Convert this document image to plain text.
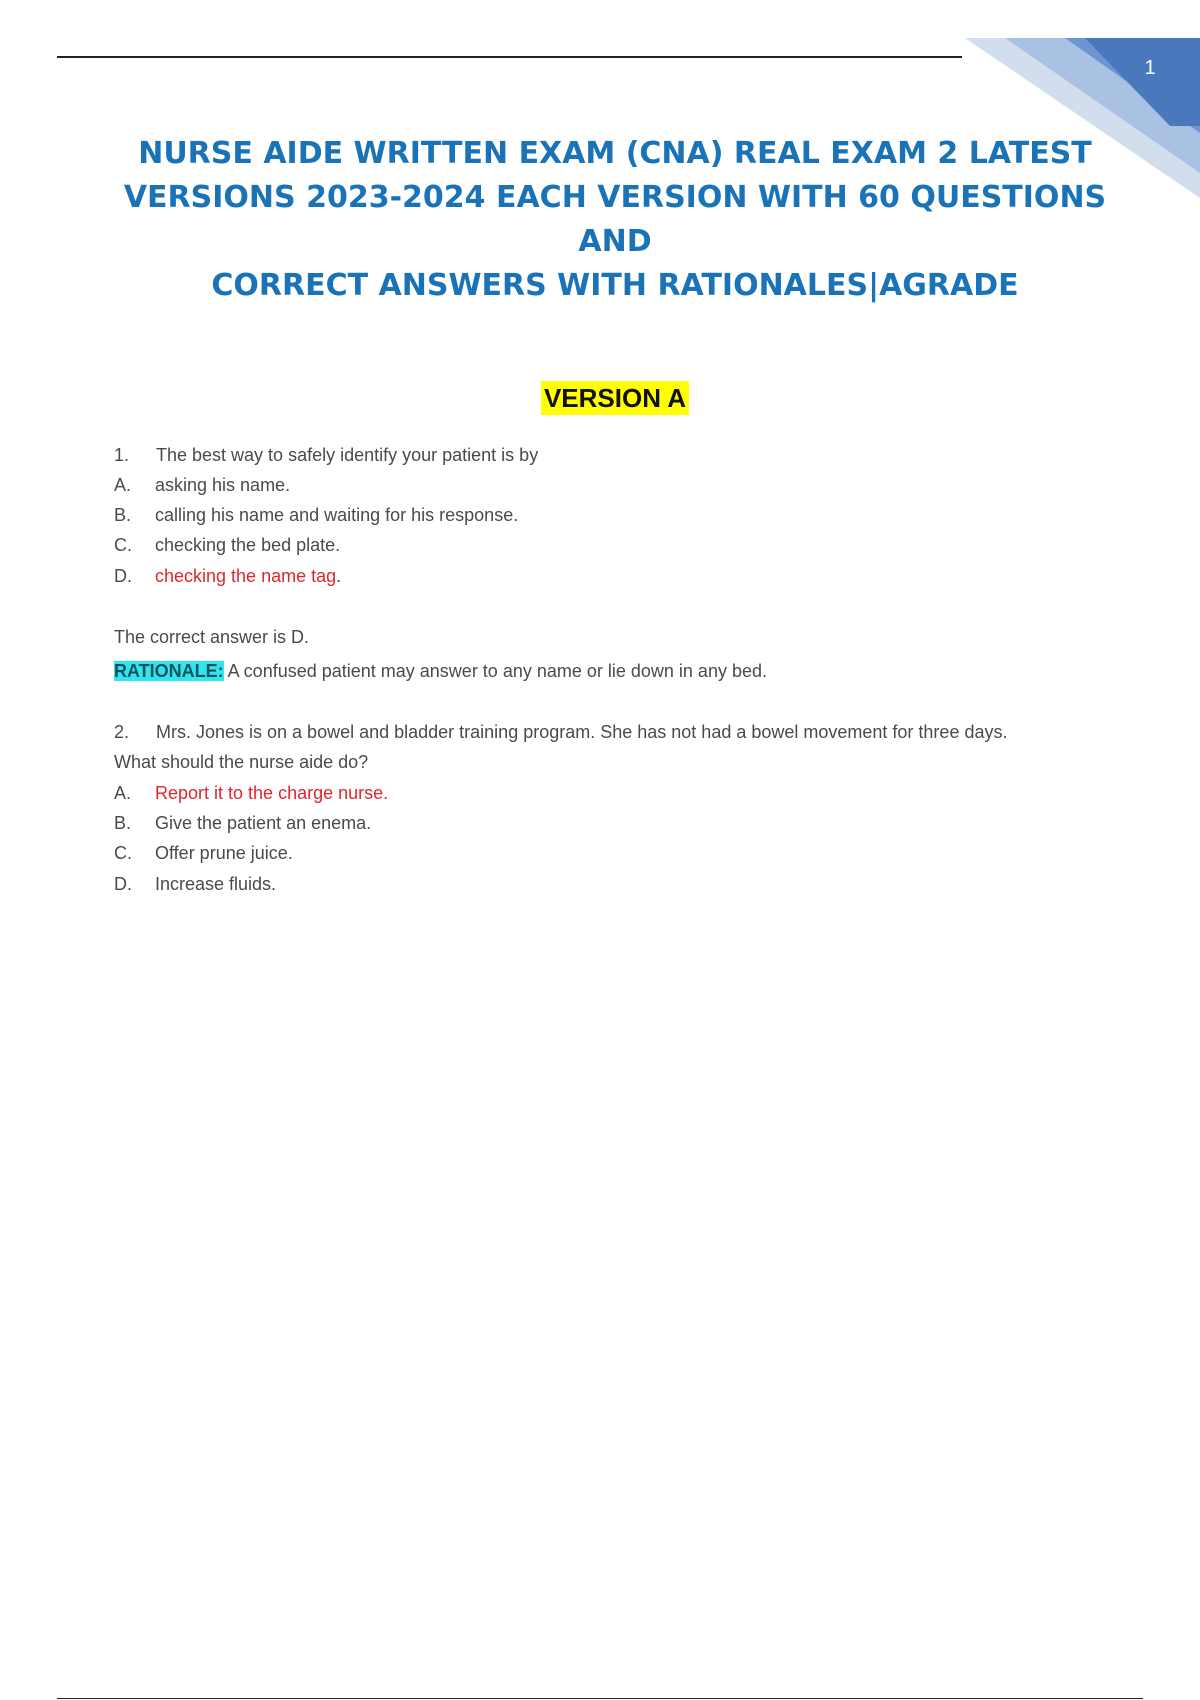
1
NURSE AIDE WRITTEN EXAM (CNA) REAL EXAM 2 LATEST
VERSIONS 2023-2024 EACH VERSION WITH 60 QUESTIONS AND
CORRECT ANSWERS WITH RATIONALES|AGRADE
VERSION A
1. The best way to safely identify your patient is by
A. asking his name.
B. calling his name and waiting for his response.
C. checking the bed plate.
D. checking the name tag.
The correct answer is D.
RATIONALE: A confused patient may answer to any name or lie down in any bed.
2. Mrs. Jones is on a bowel and bladder training program. She has not had a bowel movement for three days.
What should the nurse aide do?
A. Report it to the charge nurse.
B. Give the patient an enema.
C. Offer prune juice.
D. Increase fluids.
